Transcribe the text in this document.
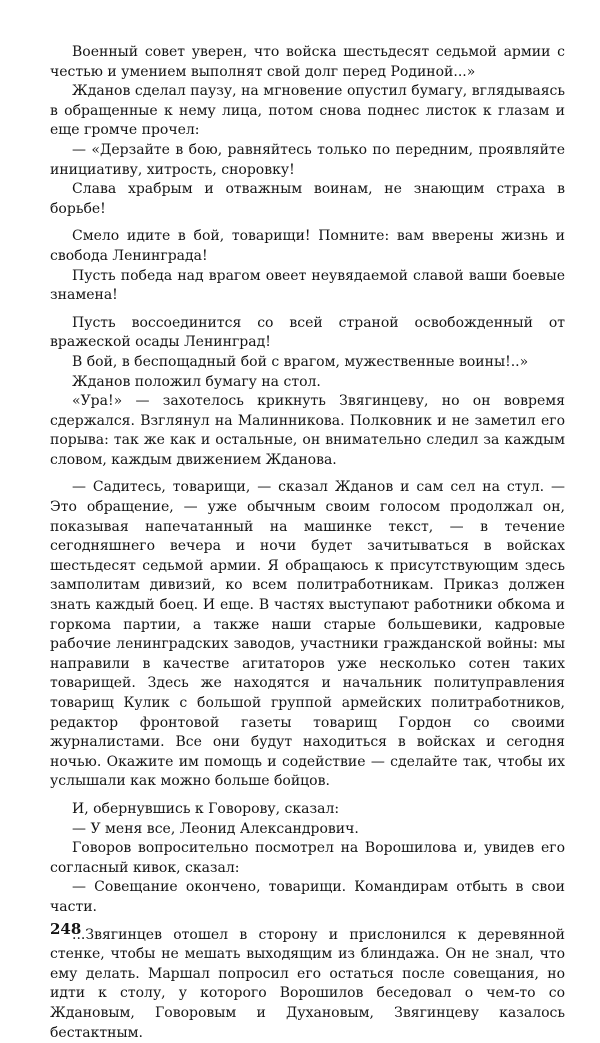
Военный совет уверен, что войска шестьдесят седьмой армии с честью и умением выполнят свой долг перед Родиной...»

Жданов сделал паузу, на мгновение опустил бумагу, вглядываясь в обращенные к нему лица, потом снова поднес листок к глазам и еще громче прочел:

— «Дерзайте в бою, равняйтесь только по передним, проявляйте инициативу, хитрость, сноровку!

Слава храбрым и отважным воинам, не знающим страха в борьбе!

Смело идите в бой, товарищи! Помните: вам вверены жизнь и свобода Ленинграда!

Пусть победа над врагом овеет неувядаемой славой ваши боевые знамена!

Пусть воссоединится со всей страной освобожденный от вражеской осады Ленинград!

В бой, в беспощадный бой с врагом, мужественные воины!..»

Жданов положил бумагу на стол.

«Ура!» — захотелось крикнуть Звягинцеву, но он вовремя сдержался. Взглянул на Малинникова. Полковник и не заметил его порыва: так же как и остальные, он внимательно следил за каждым словом, каждым движением Жданова.

— Садитесь, товарищи, — сказал Жданов и сам сел на стул. — Это обращение, — уже обычным своим голосом продолжал он, показывая напечатанный на машинке текст, — в течение сегодняшнего вечера и ночи будет зачитываться в войсках шестьдесят седьмой армии. Я обращаюсь к присутствующим здесь замполитам дивизий, ко всем политработникам. Приказ должен знать каждый боец. И еще. В частях выступают работники обкома и горкома партии, а также наши старые большевики, кадровые рабочие ленинградских заводов, участники гражданской войны: мы направили в качестве агитаторов уже несколько сотен таких товарищей. Здесь же находятся и начальник политуправления товарищ Кулик с большой группой армейских политработников, редактор фронтовой газеты товарищ Гордон со своими журналистами. Все они будут находиться в войсках и сегодня ночью. Окажите им помощь и содействие — сделайте так, чтобы их услышали как можно больше бойцов.

И, обернувшись к Говорову, сказал:

— У меня все, Леонид Александрович.

Говоров вопросительно посмотрел на Ворошилова и, увидев его согласный кивок, сказал:

— Совещание окончено, товарищи. Командирам отбыть в свои части.

...Звягинцев отошел в сторону и прислонился к деревянной стенке, чтобы не мешать выходящим из блиндажа. Он не знал, что ему делать. Маршал попросил его остаться после совещания, но идти к столу, у которого Ворошилов беседовал о чем-то со Ждановым, Говоровым и Духановым, Звягинцеву казалось бестактным.

248
